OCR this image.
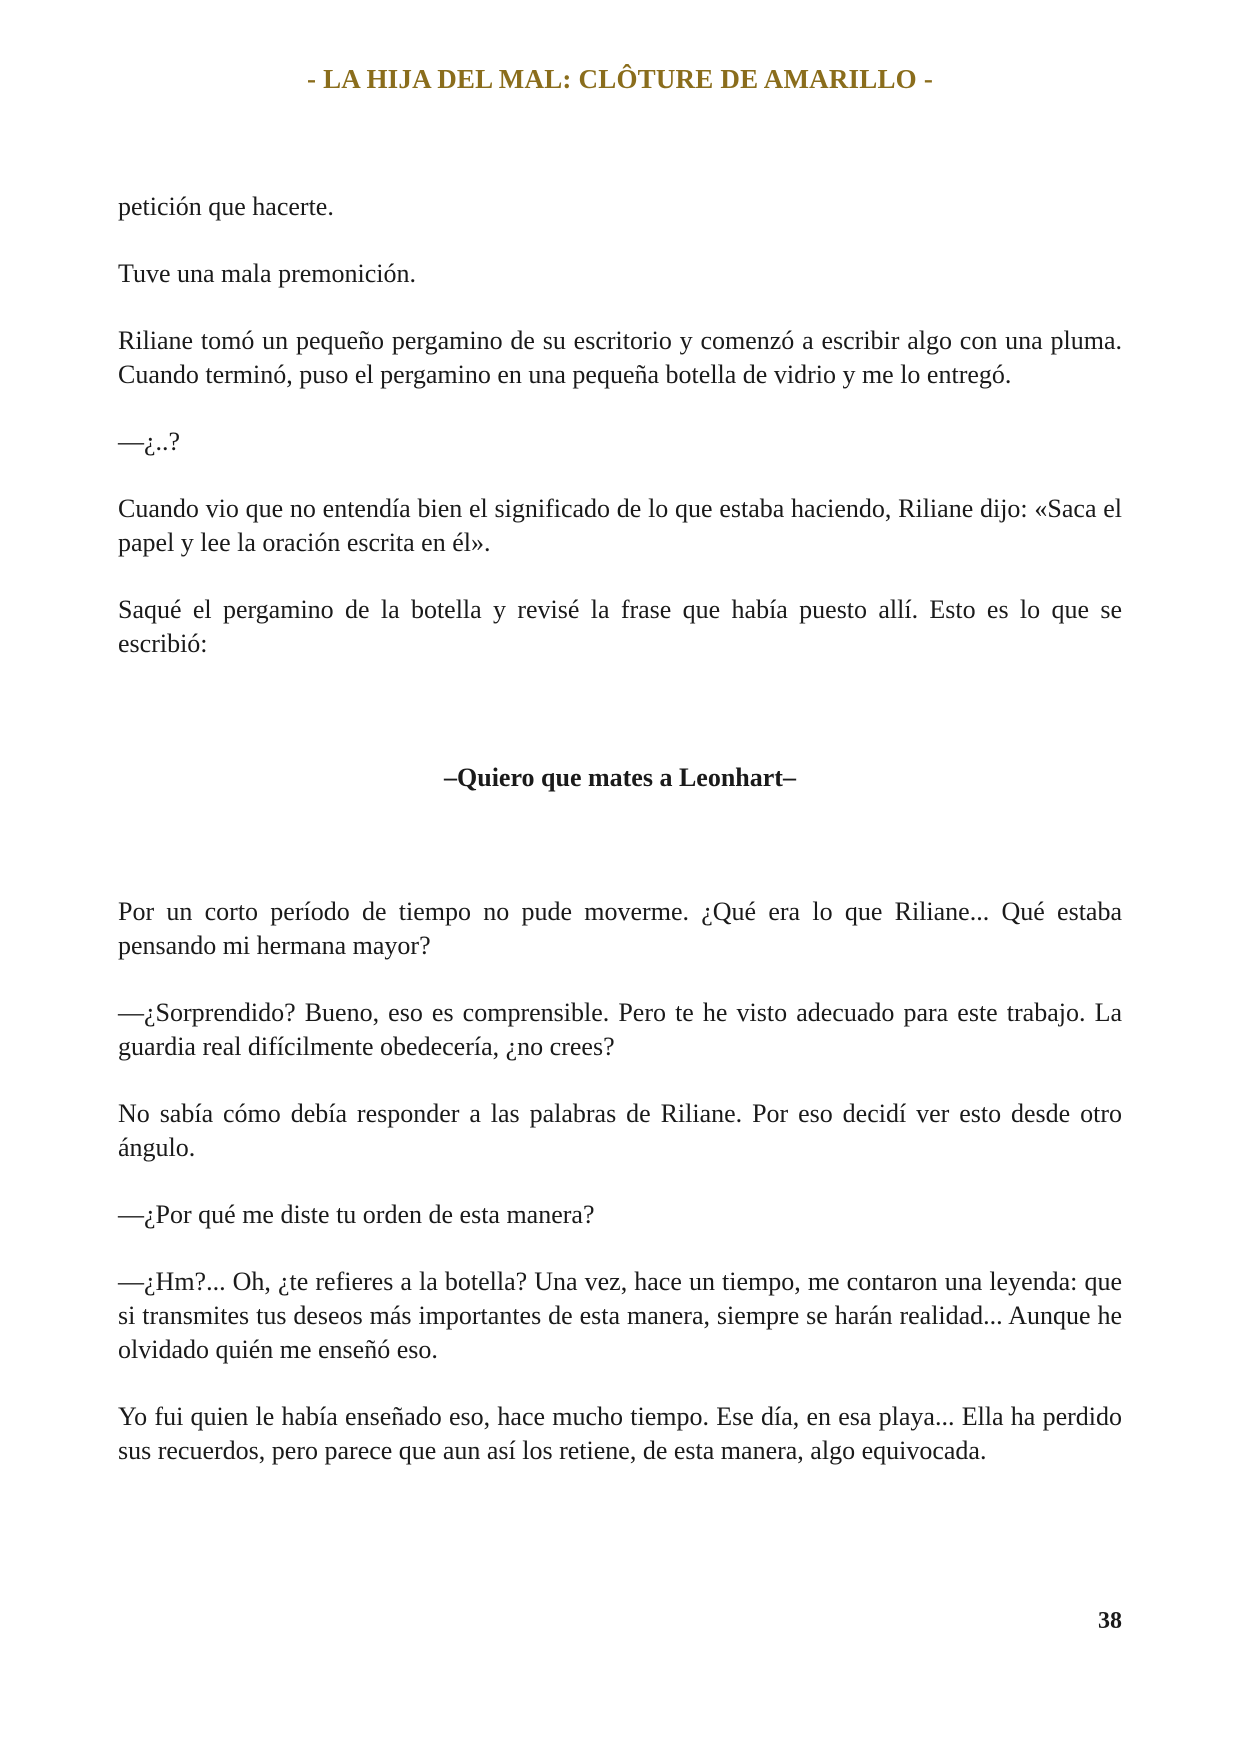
- LA HIJA DEL MAL: CLÔTURE DE AMARILLO -

petición que hacerte.

Tuve una mala premonición.

Riliane tomó un pequeño pergamino de su escritorio y comenzó a escribir algo con una pluma. Cuando terminó, puso el pergamino en una pequeña botella de vidrio y me lo entregó.

—¿..?

Cuando vio que no entendía bien el significado de lo que estaba haciendo, Riliane dijo: «Saca el papel y lee la oración escrita en él».

Saqué el pergamino de la botella y revisé la frase que había puesto allí. Esto es lo que se escribió:

–Quiero que mates a Leonhart–

Por un corto período de tiempo no pude moverme. ¿Qué era lo que Riliane... Qué estaba pensando mi hermana mayor?

—¿Sorprendido? Bueno, eso es comprensible. Pero te he visto adecuado para este trabajo. La guardia real difícilmente obedecería, ¿no crees?

No sabía cómo debía responder a las palabras de Riliane. Por eso decidí ver esto desde otro ángulo.

—¿Por qué me diste tu orden de esta manera?

—¿Hm?... Oh, ¿te refieres a la botella? Una vez, hace un tiempo, me contaron una leyenda: que si transmites tus deseos más importantes de esta manera, siempre se harán realidad... Aunque he olvidado quién me enseñó eso.

Yo fui quien le había enseñado eso, hace mucho tiempo. Ese día, en esa playa... Ella ha perdido sus recuerdos, pero parece que aun así los retiene, de esta manera, algo equivocada.

38
